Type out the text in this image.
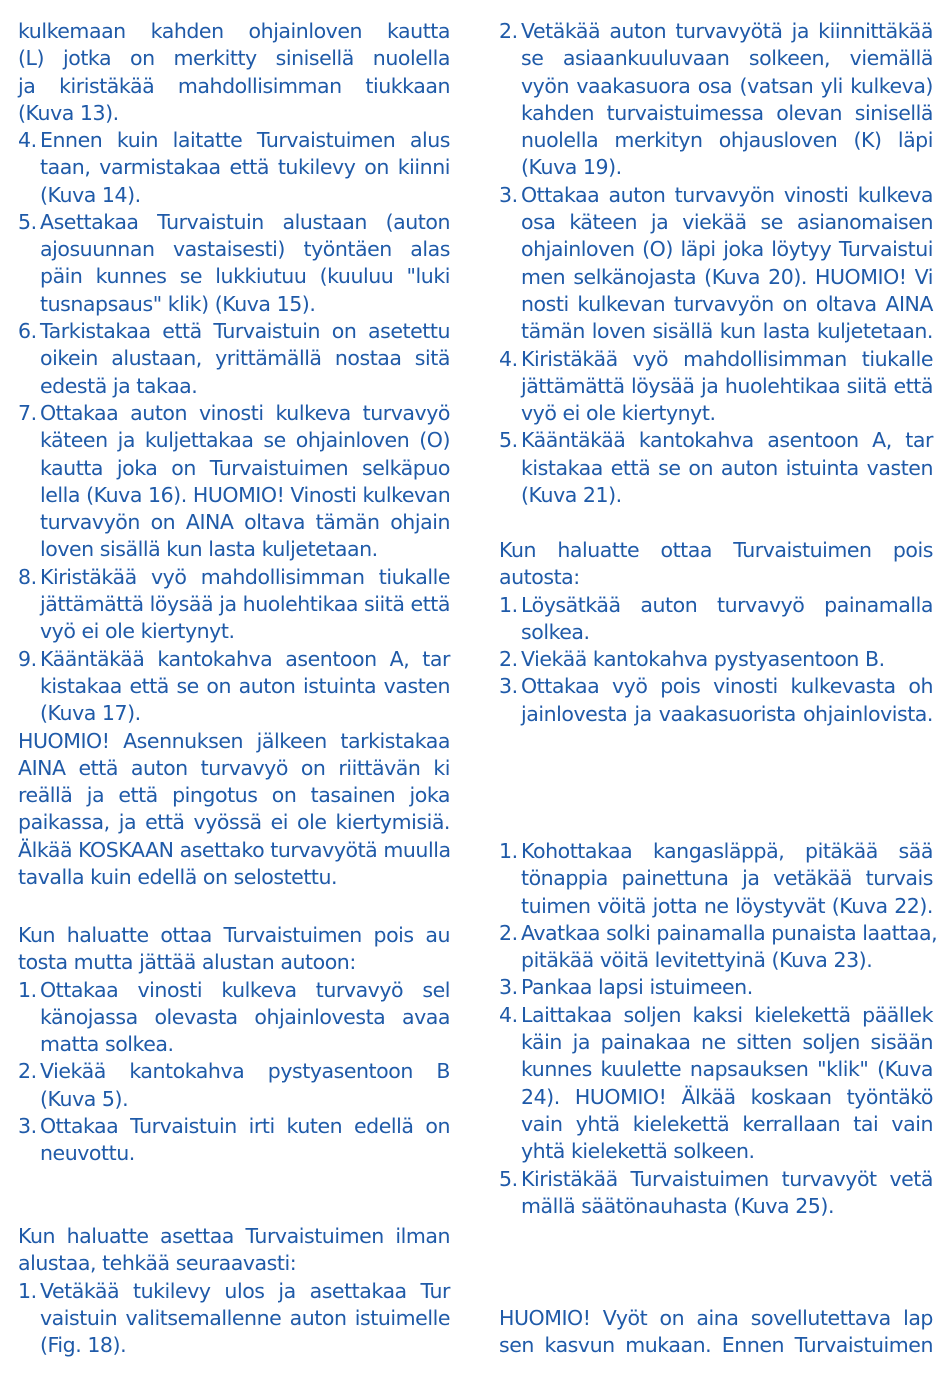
kulkemaan kahden ohjainloven kautta
(L) jotka on merkitty sinisellä nuolella
ja kiristäkää mahdollisimman tiukkaan
(Kuva 13).
4. Ennen kuin laitatte Turvaistuimen alus
taan, varmistakaa että tukilevy on kiinni
(Kuva 14).
5. Asettakaa Turvaistuin alustaan (auton
ajosuunnan vastaisesti) työntäen alas
päin kunnes se lukkiutuu (kuuluu "luki
tusnapsaus" klik) (Kuva 15).
6. Tarkistakaa että Turvaistuin on asetettu
oikein alustaan, yrittämällä nostaa sitä
edestä ja takaa.
7. Ottakaa auton vinosti kulkeva turvavyö
käteen ja kuljettakaa se ohjainloven (O)
kautta joka on Turvaistuimen selkäpuo
lella (Kuva 16). HUOMIO! Vinosti kulkevan
turvavyön on AINA oltava tämän ohjain
loven sisällä kun lasta kuljetetaan.
8. Kiristäkää vyö mahdollisimman tiukalle
jättämättä löysää ja huolehtikaa siitä että
vyö ei ole kiertynyt.
9. Kääntäkää kantokahva asentoon A, tar
kistakaa että se on auton istuinta vasten
(Kuva 17).
HUOMIO! Asennuksen jälkeen tarkistakaa
AINA että auton turvavyö on riittävän ki
reällä ja että pingotus on tasainen joka
paikassa, ja että vyössä ei ole kiertymisiä.
Älkää KOSKAAN asettako turvavyötä muulla
tavalla kuin edellä on selostettu.
Kun haluatte ottaa Turvaistuimen pois au
tosta mutta jättää alustan autoon:
1. Ottakaa vinosti kulkeva turvavyö sel
känojassa olevasta ohjainlovesta avaa
matta solkea.
2. Viekää kantokahva pystyasentoon B
(Kuva 5).
3. Ottakaa Turvaistuin irti kuten edellä on
neuvottu.
Kun haluatte asettaa Turvaistuimen ilman
alustaa, tehkää seuraavasti:
1. Vetäkää tukilevy ulos ja asettakaa Tur
vaistuin valitsemallenne auton istuimelle
(Fig. 18).
2. Vetäkää auton turvavyötä ja kiinnittäkää
se asiaankuuluvaan solkeen, viemällä
vyön vaakasuora osa (vatsan yli kulkeva)
kahden turvaistuimessa olevan sinisellä
nuolella merkityn ohjausloven (K) läpi
(Kuva 19).
3. Ottakaa auton turvavyön vinosti kulkeva
osa käteen ja viekää se asianomaisen
ohjainloven (O) läpi joka löytyy Turvaistui
men selkänojasta (Kuva 20). HUOMIO! Vi
nosti kulkevan turvavyön on oltava AINA
tämän loven sisällä kun lasta kuljetetaan.
4. Kiristäkää vyö mahdollisimman tiukalle
jättämättä löysää ja huolehtikaa siitä että
vyö ei ole kiertynyt.
5. Kääntäkää kantokahva asentoon A, tar
kistakaa että se on auton istuinta vasten
(Kuva 21).
Kun haluatte ottaa Turvaistuimen pois
autosta:
1. Löysätkää auton turvavyö painamalla
solkea.
2. Viekää kantokahva pystyasentoon B.
3. Ottakaa vyö pois vinosti kulkevasta oh
jainlovesta ja vaakasuorista ohjainlovista.
1. Kohottakaa kangasläppä, pitäkää sää
tönappia painettuna ja vetäkää turvais
tuimen vöitä jotta ne löystyvät (Kuva 22).
2. Avatkaa solki painamalla punaista laattaa,
pitäkää vöitä levitettyinä (Kuva 23).
3. Pankaa lapsi istuimeen.
4. Laittakaa soljen kaksi kielekettä päällek
käin ja painakaa ne sitten soljen sisään
kunnes kuulette napsauksen "klik" (Kuva
24). HUOMIO! Älkää koskaan työntäkö
vain yhtä kielekettä kerrallaan tai vain
yhtä kielekettä solkeen.
5. Kiristäkää Turvaistuimen turvavyöt vetä
mällä säätönauhasta (Kuva 25).
HUOMIO! Vyöt on aina sovellutettava lap
sen kasvun mukaan. Ennen Turvaistuimen
